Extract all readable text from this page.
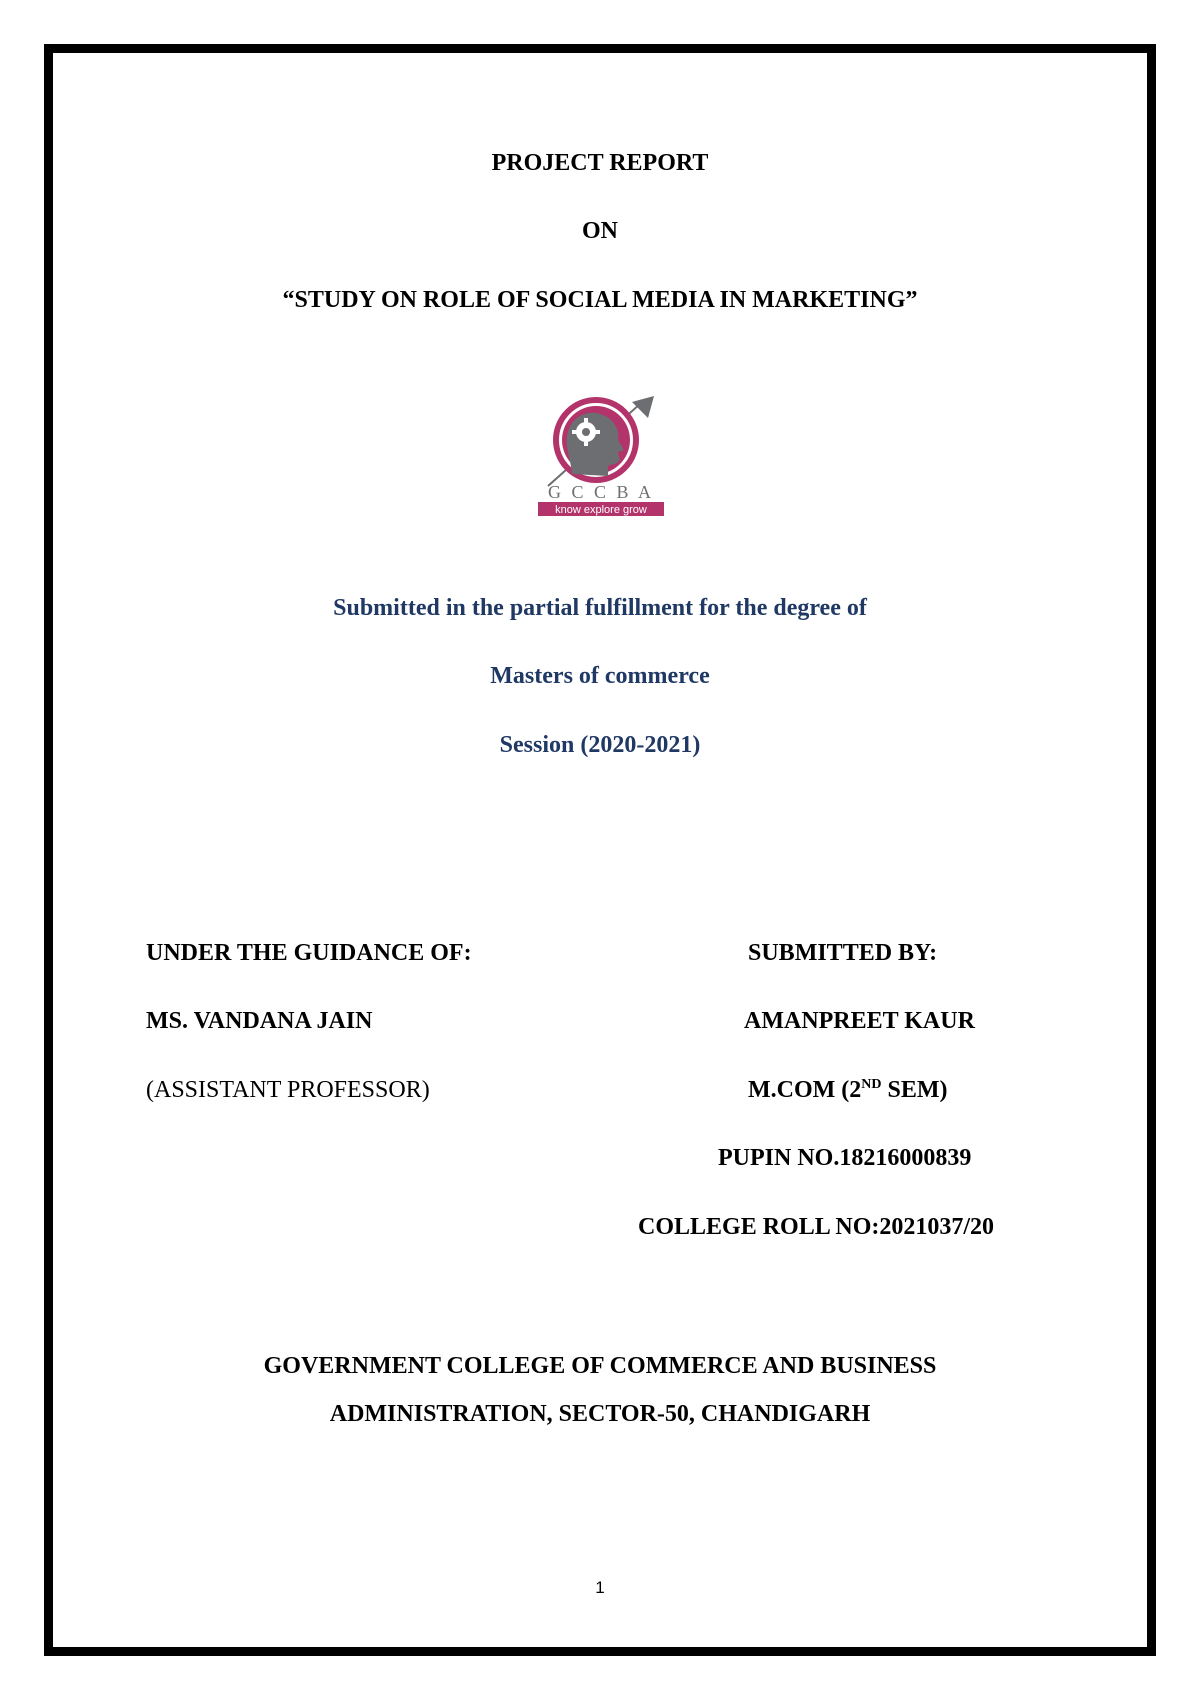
PROJECT REPORT
ON
“STUDY ON ROLE OF SOCIAL MEDIA IN MARKETING”
G C C B A
know explore grow
Submitted in the partial fulfillment for the degree of
Masters of commerce
Session (2020-2021)
UNDER THE GUIDANCE OF:
MS. VANDANA JAIN
(ASSISTANT PROFESSOR)
SUBMITTED BY:
AMANPREET KAUR
M.COM (2ND SEM)
PUPIN NO.18216000839
COLLEGE ROLL NO:2021037/20
GOVERNMENT COLLEGE OF COMMERCE AND BUSINESS
ADMINISTRATION, SECTOR-50, CHANDIGARH
1
